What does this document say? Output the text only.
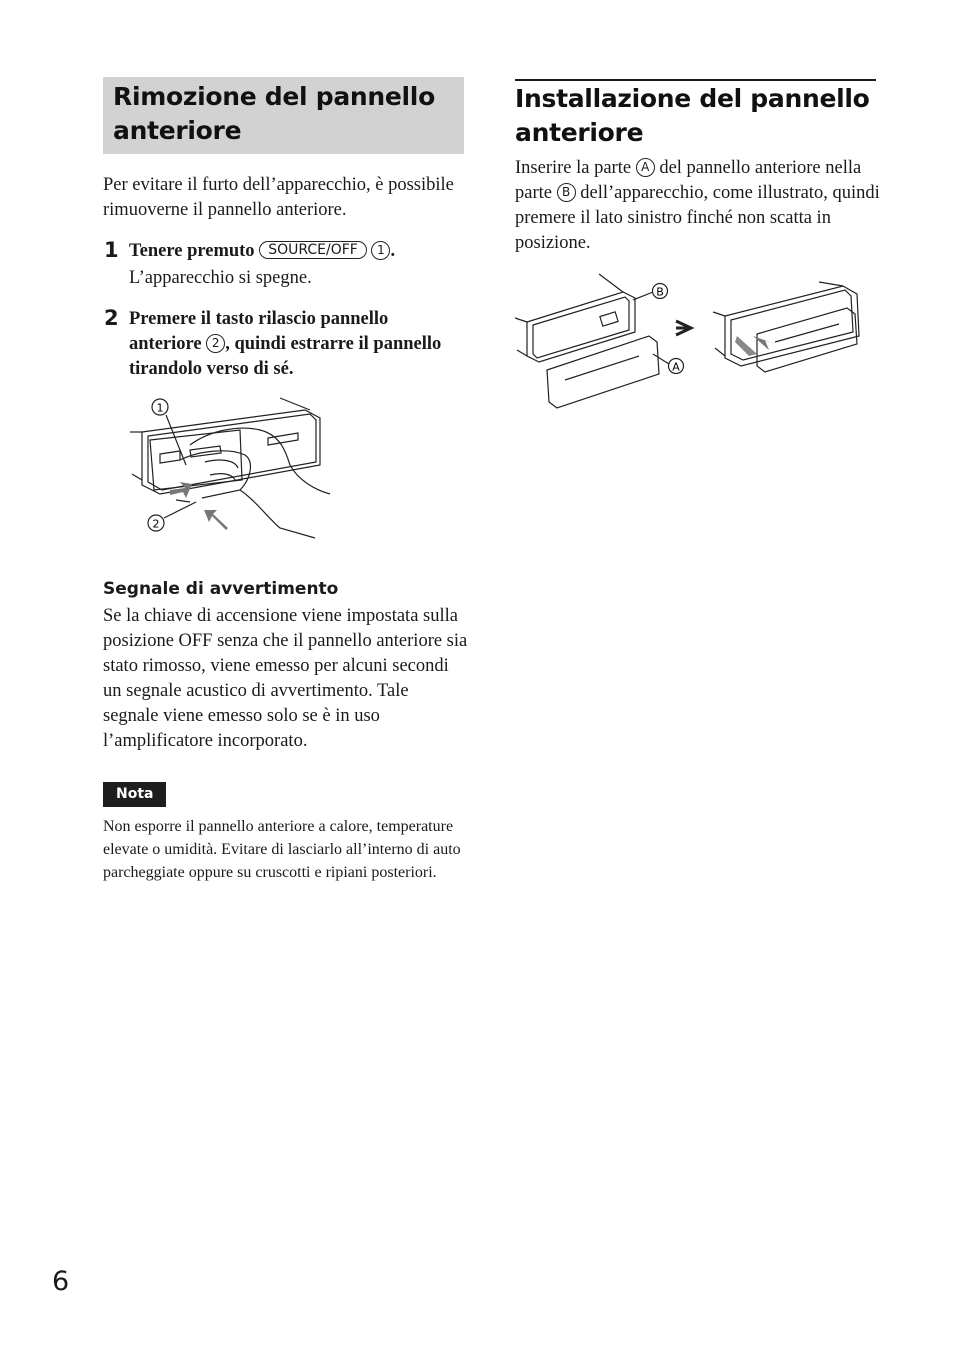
Rimozione del pannello

anteriore

Per evitare il furto dell’apparecchio, è possibile rimuoverne il pannello anteriore.

1 Tenere premuto SOURCE/OFF 1 .

L’apparecchio si spegne.

2 Premere il tasto rilascio pannello anteriore 2 , quindi estrarre il pannello tirandolo verso di sé.
1
2
Segnale di avvertimento

Se la chiave di accensione viene impostata sulla posizione OFF senza che il pannello anteriore sia stato rimosso, viene emesso per alcuni secondi un segnale acustico di avvertimento. Tale segnale viene emesso solo se è in uso l’amplificatore incorporato.

Nota

Non esporre il pannello anteriore a calore, temperature elevate o umidità. Evitare di lasciarlo all’interno di auto parcheggiate oppure su cruscotti e ripiani posteriori.

Installazione del pannello

anteriore

Inserire la parte A del pannello anteriore nella parte B dell’apparecchio, come illustrato, quindi premere il lato sinistro finché non scatta in posizione.
B
A
6
